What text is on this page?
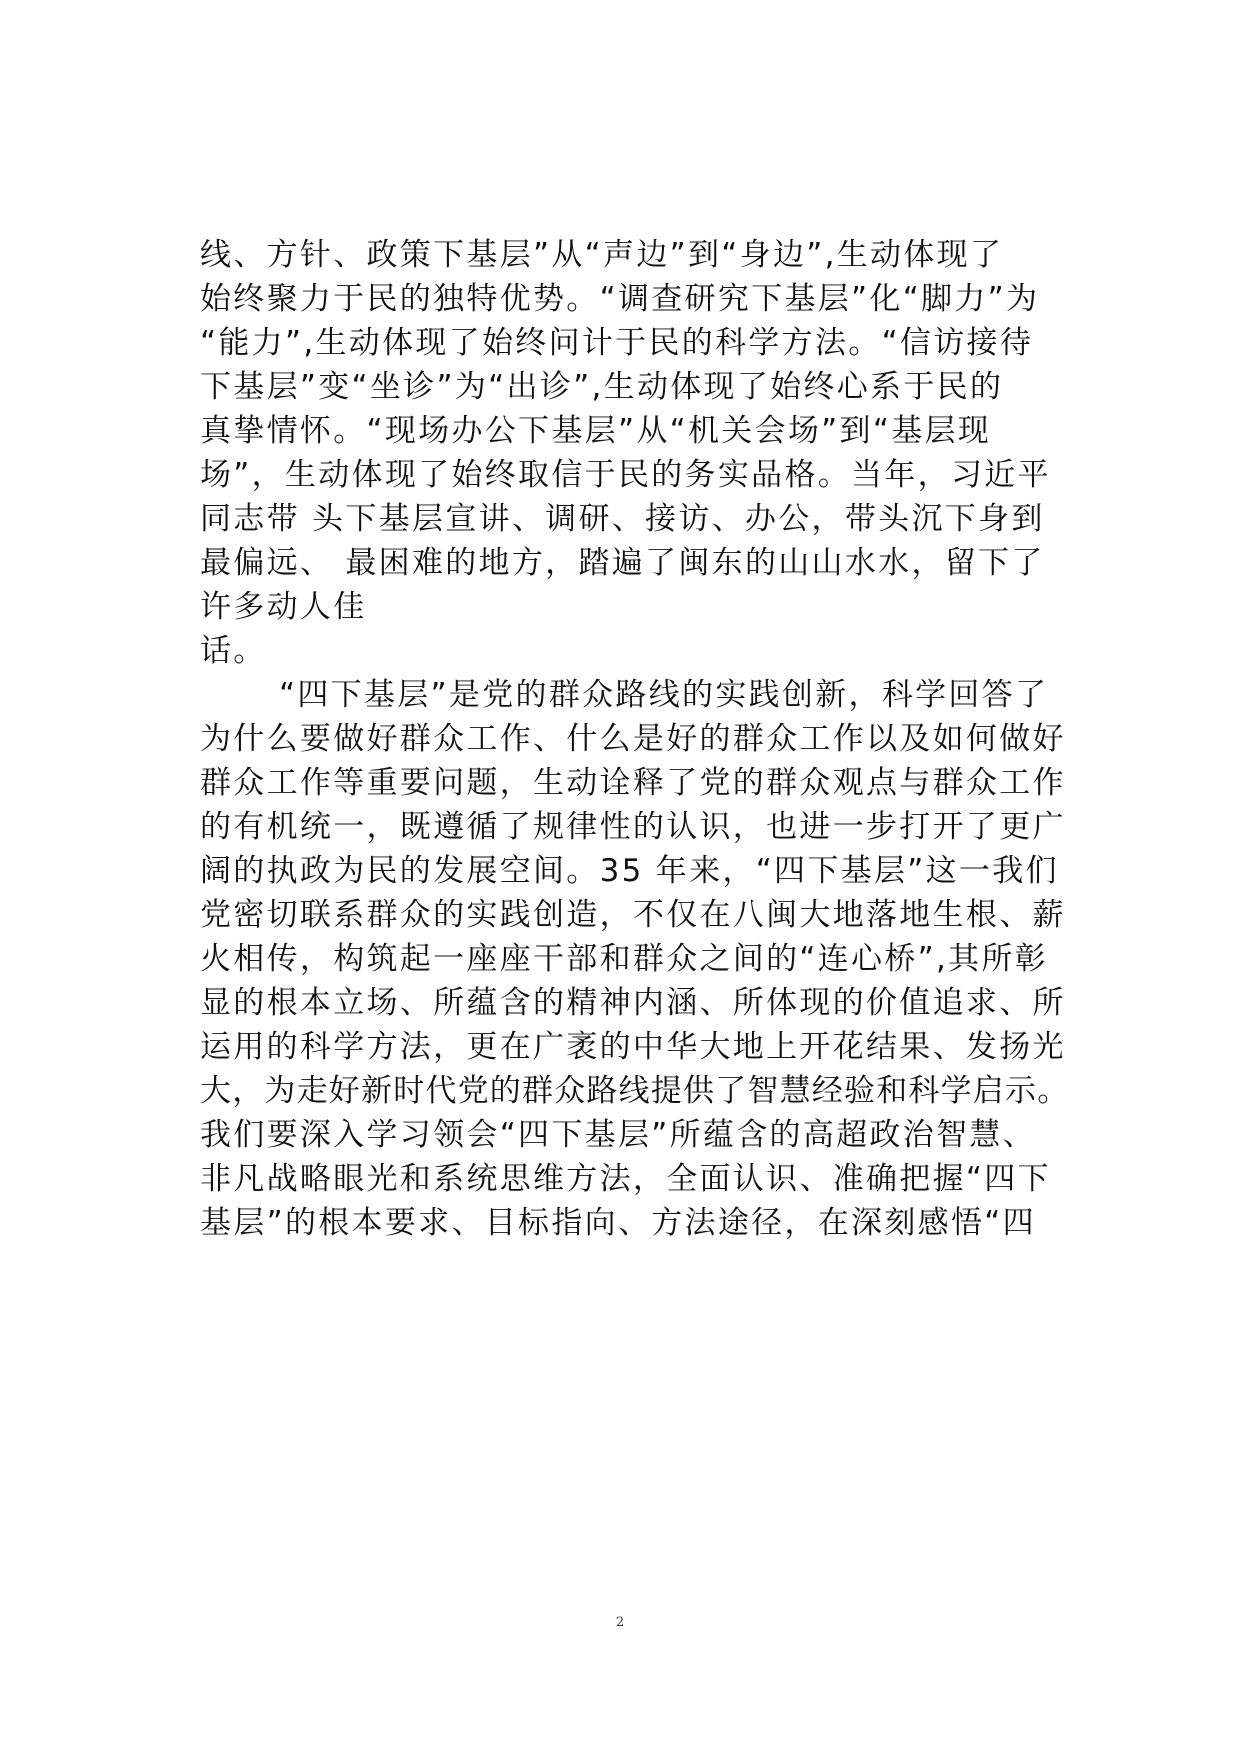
线、方针、政策下基层”从“声边”到“身边”,生动体现了
始终聚力于民的独特优势。“调查研究下基层”化“脚力”为
“能力”,生动体现了始终问计于民的科学方法。“信访接待
下基层”变“坐诊”为“出诊”,生动体现了始终心系于民的
真挚情怀。“现场办公下基层”从“机关会场”到“基层现
场”，生动体现了始终取信于民的务实品格。当年，习近平
同志带 头下基层宣讲、调研、接访、办公，带头沉下身到
最偏远、 最困难的地方，踏遍了闽东的山山水水，留下了
许多动人佳
话。
“四下基层”是党的群众路线的实践创新，科学回答了
为什么要做好群众工作、什么是好的群众工作以及如何做好
群众工作等重要问题，生动诠释了党的群众观点与群众工作
的有机统一，既遵循了规律性的认识，也进一步打开了更广
阔的执政为民的发展空间。35 年来，“四下基层”这一我们
党密切联系群众的实践创造，不仅在八闽大地落地生根、薪
火相传，构筑起一座座干部和群众之间的“连心桥”,其所彰
显的根本立场、所蕴含的精神内涵、所体现的价值追求、所
运用的科学方法，更在广袤的中华大地上开花结果、发扬光
大，为走好新时代党的群众路线提供了智慧经验和科学启示。
我们要深入学习领会“四下基层”所蕴含的高超政治智慧、
非凡战略眼光和系统思维方法，全面认识、准确把握“四下
基层”的根本要求、目标指向、方法途径，在深刻感悟“四
2
